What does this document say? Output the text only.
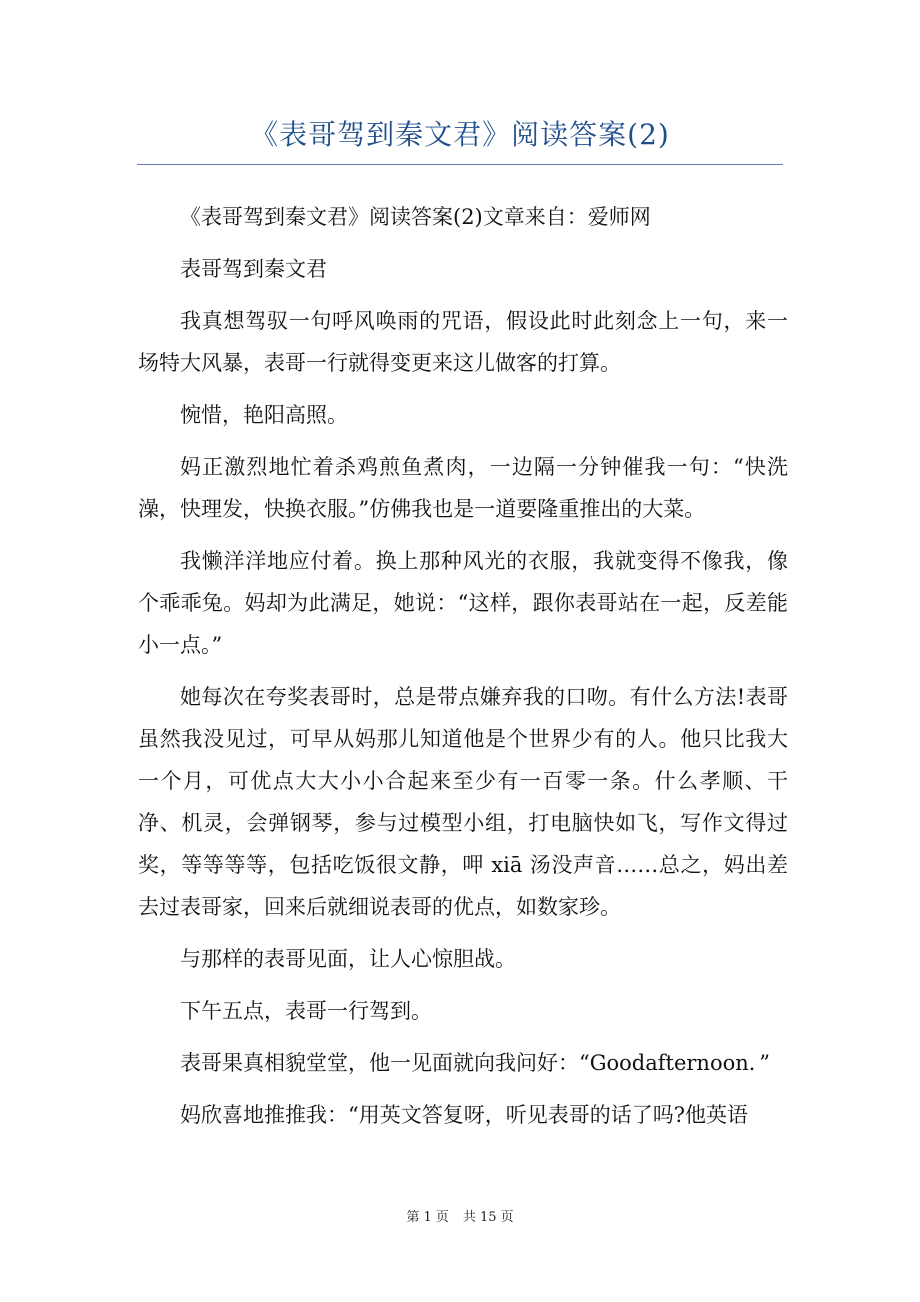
《表哥驾到秦文君》阅读答案(2)

《表哥驾到秦文君》阅读答案(2)文章来自：爱师网

表哥驾到秦文君

我真想驾驭一句呼风唤雨的咒语，假设此时此刻念上一句，来一场特大风暴，表哥一行就得变更来这儿做客的打算。

惋惜，艳阳高照。

妈正激烈地忙着杀鸡煎鱼煮肉，一边隔一分钟催我一句：“快洗澡，快理发，快换衣服。”仿佛我也是一道要隆重推出的大菜。

我懒洋洋地应付着。换上那种风光的衣服，我就变得不像我，像个乖乖兔。妈却为此满足，她说：“这样，跟你表哥站在一起，反差能小一点。”

她每次在夸奖表哥时，总是带点嫌弃我的口吻。有什么方法!表哥虽然我没见过，可早从妈那儿知道他是个世界少有的人。他只比我大一个月，可优点大大小小合起来至少有一百零一条。什么孝顺、干净、机灵，会弹钢琴，参与过模型小组，打电脑快如飞，写作文得过奖，等等等等，包括吃饭很文静，呷 xiā 汤没声音……总之，妈出差去过表哥家，回来后就细说表哥的优点，如数家珍。

与那样的表哥见面，让人心惊胆战。

下午五点，表哥一行驾到。

表哥果真相貌堂堂，他一见面就向我问好：“Goodafternoon．”

妈欣喜地推推我：“用英文答复呀，听见表哥的话了吗?他英语

第 1 页 共 15 页
